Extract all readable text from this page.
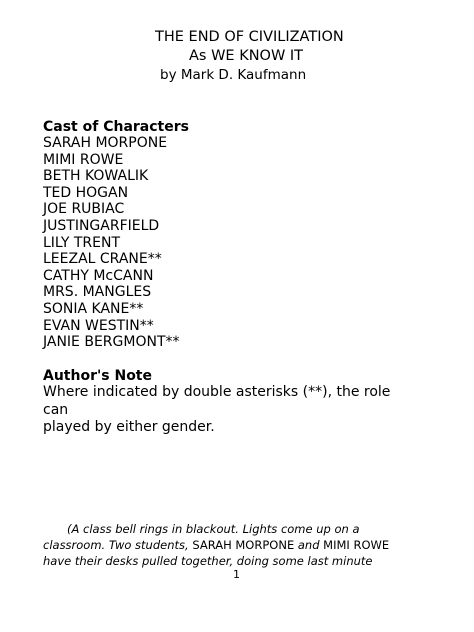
THE END OF CIVILIZATION
As WE KNOW IT
by Mark D. Kaufmann
Cast of Characters
SARAH MORPONE
MIMI ROWE
BETH KOWALIK
TED HOGAN
JOE RUBIAC
JUSTINGARFIELD
LILY TRENT
LEEZAL CRANE**
CATHY McCANN
MRS. MANGLES
SONIA KANE**
EVAN WESTIN**
JANIE BERGMONT**
Author's Note
Where indicated by double asterisks (**), the role
can
played by either gender.
(A class bell rings in blackout. Lights come up on a
classroom. Two students, SARAH MORPONE and MIMI ROWE
have their desks pulled together, doing some last minute
1
